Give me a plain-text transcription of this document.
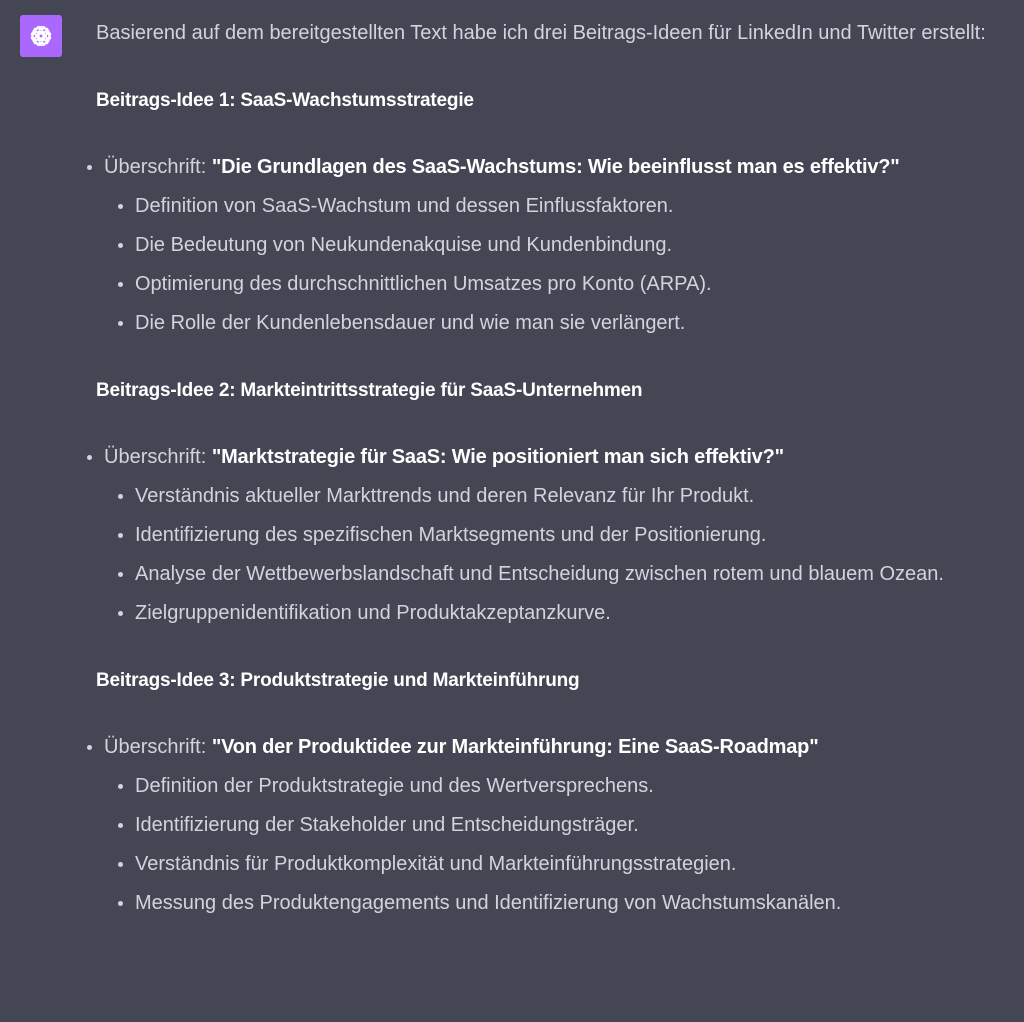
Basierend auf dem bereitgestellten Text habe ich drei Beitrags-Ideen für LinkedIn und Twitter erstellt:

Beitrags-Idee 1: SaaS-Wachstumsstrategie
Überschrift: "Die Grundlagen des SaaS-Wachstums: Wie beeinflusst man es effektiv?"
Definition von SaaS-Wachstum und dessen Einflussfaktoren.
Die Bedeutung von Neukundenakquise und Kundenbindung.
Optimierung des durchschnittlichen Umsatzes pro Konto (ARPA).
Die Rolle der Kundenlebensdauer und wie man sie verlängert.
Beitrags-Idee 2: Markteintrittsstrategie für SaaS-Unternehmen
Überschrift: "Marktstrategie für SaaS: Wie positioniert man sich effektiv?"
Verständnis aktueller Markttrends und deren Relevanz für Ihr Produkt.
Identifizierung des spezifischen Marktsegments und der Positionierung.
Analyse der Wettbewerbslandschaft und Entscheidung zwischen rotem und blauem Ozean.
Zielgruppenidentifikation und Produktakzeptanzkurve.
Beitrags-Idee 3: Produktstrategie und Markteinführung
Überschrift: "Von der Produktidee zur Markteinführung: Eine SaaS-Roadmap"
Definition der Produktstrategie und des Wertversprechens.
Identifizierung der Stakeholder und Entscheidungsträger.
Verständnis für Produktkomplexität und Markteinführungsstrategien.
Messung des Produktengagements und Identifizierung von Wachstumskanälen.
